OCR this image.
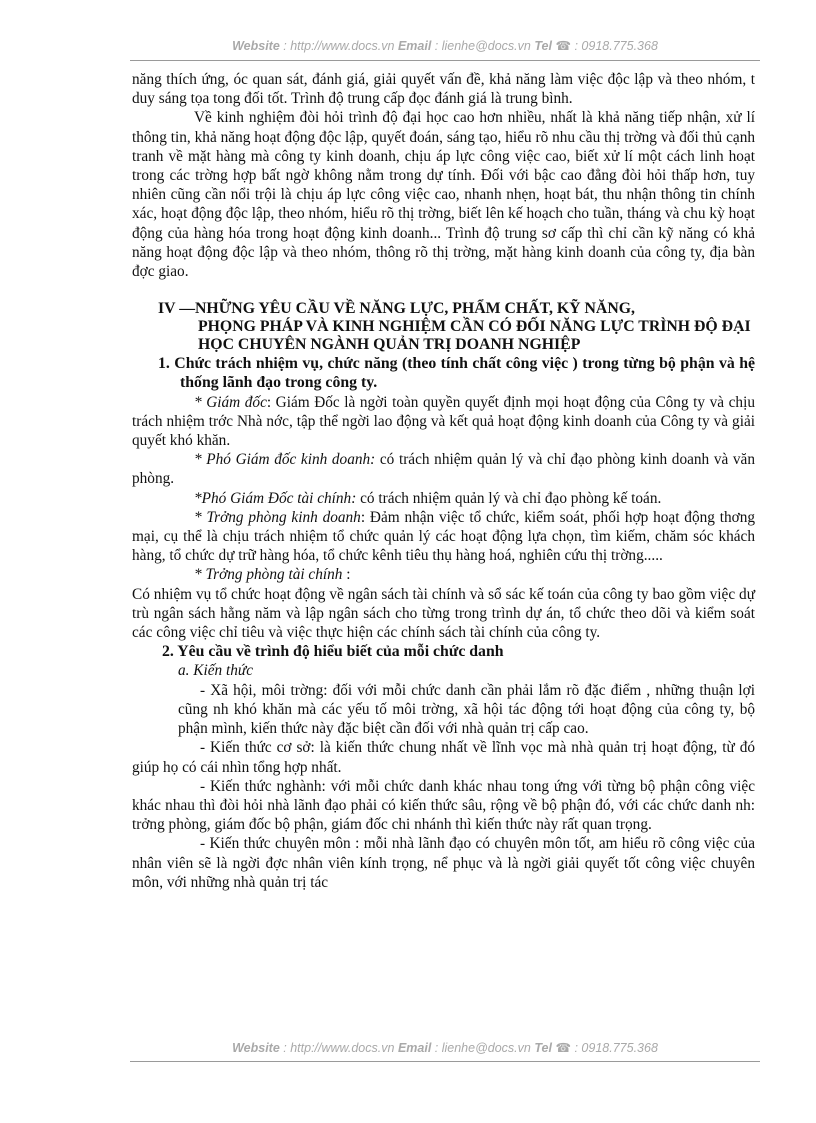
Website : http://www.docs.vn Email : lienhe@docs.vn Tel ☎ : 0918.775.368

năng thích ứng, óc quan sát, đánh giá, giải quyết vấn đề, khả năng làm việc độc lập và theo nhóm, t duy sáng tọa tong đối tốt. Trình độ trung cấp đọc đánh giá là trung bình.

Về kinh nghiệm đòi hỏi trình độ đại học cao hơn nhiều, nhất là khả năng tiếp nhận, xử lí thông tin, khả năng hoạt động độc lập, quyết đoán, sáng tạo, hiểu rõ nhu cầu thị trờng và đối thủ cạnh tranh về mặt hàng mà công ty kinh doanh, chịu áp lực công việc cao, biết xử lí một cách linh hoạt trong các trờng hợp bất ngờ không nằm trong dự tính. Đối với bậc cao đẳng đòi hỏi thấp hơn, tuy nhiên cũng cần nổi trội là chịu áp lực công việc cao, nhanh nhẹn, hoạt bát, thu nhận thông tin chính xác, hoạt động độc lập, theo nhóm, hiểu rõ thị trờng, biết lên kế hoạch cho tuần, tháng và chu kỳ hoạt động của hàng hóa trong hoạt động kinh doanh... Trình độ trung sơ cấp thì chỉ cần kỹ năng có khả năng hoạt động độc lập và theo nhóm, thông rõ thị trờng, mặt hàng kinh doanh của công ty, địa bàn đợc giao.

IV —NHỮNG YÊU CẦU VỀ NĂNG LỰC, PHẨM CHẤT, KỸ NĂNG,
PHỌNG PHÁP VÀ KINH NGHIỆM CẦN CÓ ĐỐI NĂNG LỰC TRÌNH ĐỘ ĐẠI HỌC CHUYÊN NGÀNH QUẢN TRỊ DOANH NGHIỆP

1. Chức trách nhiệm vụ, chức năng (theo tính chất công việc ) trong từng bộ phận và hệ thống lãnh đạo trong công ty.

* Giám đốc: Giám Đốc là ngời toàn quyền quyết định mọi hoạt động của Công ty và chịu trách nhiệm trớc Nhà nớc, tập thể ngời lao động và kết quả hoạt động kinh doanh của Công ty và giải quyết khó khăn.

* Phó Giám đốc kinh doanh: có trách nhiệm quản lý và chỉ đạo phòng kinh doanh và văn phòng.

*Phó Giám Đốc tài chính: có trách nhiệm quản lý và chỉ đạo phòng kế toán.

* Trởng phòng kinh doanh: Đảm nhận việc tổ chức, kiểm soát, phối hợp hoạt động thơng mại, cụ thể là chịu trách nhiệm tổ chức quản lý các hoạt động lựa chọn, tìm kiếm, chăm sóc khách hàng, tổ chức dự trữ hàng hóa, tổ chức kênh tiêu thụ hàng hoá, nghiên cứu thị trờng.....

* Trởng phòng tài chính :

Có nhiệm vụ tổ chức hoạt động về ngân sách tài chính và sổ sác kế toán của công ty bao gồm việc dự trù ngân sách hằng năm và lập ngân sách cho từng trong trình dự án, tổ chức theo dõi và kiểm soát các công việc chỉ tiêu và việc thực hiện các chính sách tài chính của công ty.

2. Yêu cầu về trình độ hiểu biết của mỗi chức danh

a. Kiến thức

- Xã hội, môi trờng: đối với mỗi chức danh cần phải lắm rõ đặc điểm , những thuận lợi cũng nh khó khăn mà các yếu tố môi trờng, xã hội tác động tới hoạt động của công ty, bộ phận mình, kiến thức này đặc biệt cần đối với nhà quản trị cấp cao.

- Kiến thức cơ sở: là kiến thức chung nhất về lĩnh vọc mà nhà quản trị hoạt động, từ đó giúp họ có cái nhìn tổng hợp nhất.

- Kiến thức nghành: với mỗi chức danh khác nhau tong ứng với từng bộ phận công việc khác nhau thì đòi hỏi nhà lãnh đạo phải có kiến thức sâu, rộng về bộ phận đó, với các chức danh nh: trởng phòng, giám đốc bộ phận, giám đốc chi nhánh thì kiến thức này rất quan trọng.

- Kiến thức chuyên môn : mỗi nhà lãnh đạo có chuyên môn tốt, am hiểu rõ công việc của nhân viên sẽ là ngời đợc nhân viên kính trọng, nể phục và là ngời giải quyết tốt công việc chuyên môn, với những nhà quản trị tác

Website : http://www.docs.vn Email : lienhe@docs.vn Tel ☎ : 0918.775.368
